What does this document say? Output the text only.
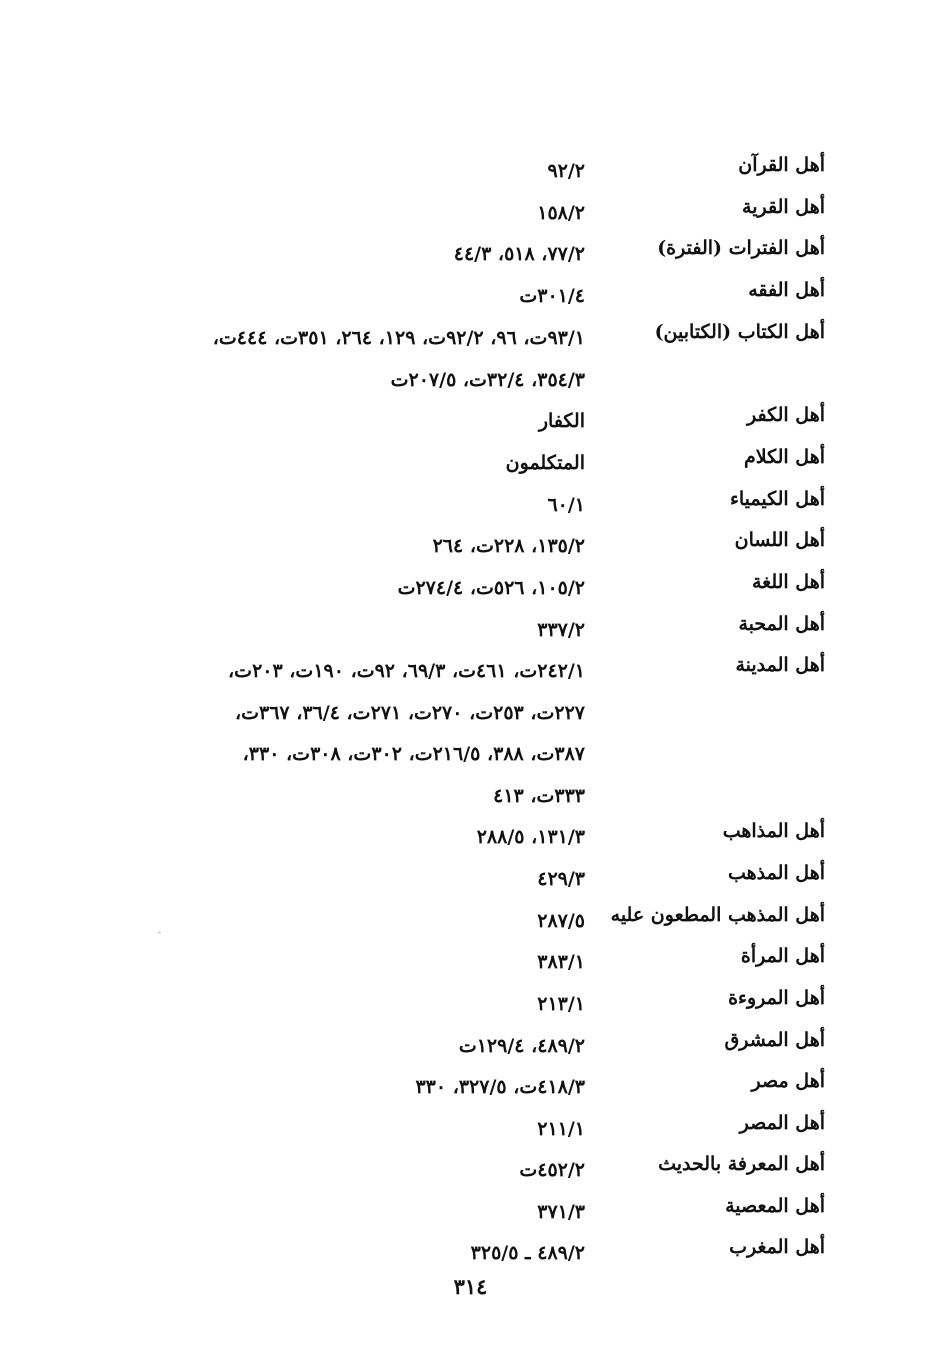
أهل القرآن
٩٢/٢
أهل القرية
١٥٨/٢
أهل الفترات (الفترة)
٧٧/٢، ٥١٨، ٤٤/٣
أهل الفقه
٣٠١/٤ت
أهل الكتاب (الكتابين)
٩٣/١ت، ٩٦، ٩٢/٢ت، ١٢٩، ٢٦٤، ٣٥١ت، ٤٤٤ت،
٣٥٤/٣، ٣٢/٤ت، ٢٠٧/٥ت
أهل الكفر
الكفار
أهل الكلام
المتكلمون
أهل الكيمياء
٦٠/١
أهل اللسان
١٣٥/٢، ٢٢٨ت، ٢٦٤
أهل اللغة
١٠٥/٢، ٥٢٦ت، ٢٧٤/٤ت
أهل المحبة
٣٣٧/٢
أهل المدينة
٢٤٢/١ت، ٤٦١ت، ٦٩/٣، ٩٢ت، ١٩٠ت، ٢٠٣ت،
٢٢٧ت، ٢٥٣ت، ٢٧٠ت، ٢٧١ت، ٣٦/٤، ٣٦٧ت،
٣٨٧ت، ٣٨٨، ٢١٦/٥ت، ٣٠٢ت، ٣٠٨ت، ٣٣٠،
٣٣٣ت، ٤١٣
أهل المذاهب
١٣١/٣، ٢٨٨/٥
أهل المذهب
٤٢٩/٣
أهل المذهب المطعون عليه
٢٨٧/٥
أهل المرأة
٣٨٣/١
أهل المروءة
٢١٣/١
أهل المشرق
٤٨٩/٢، ١٢٩/٤ت
أهل مصر
٤١٨/٣ت، ٣٢٧/٥، ٣٣٠
أهل المصر
٢١١/١
أهل المعرفة بالحديث
٤٥٢/٢ت
أهل المعصية
٣٧١/٣
أهل المغرب
٤٨٩/٢ ـ ٣٢٥/٥
٣١٤
